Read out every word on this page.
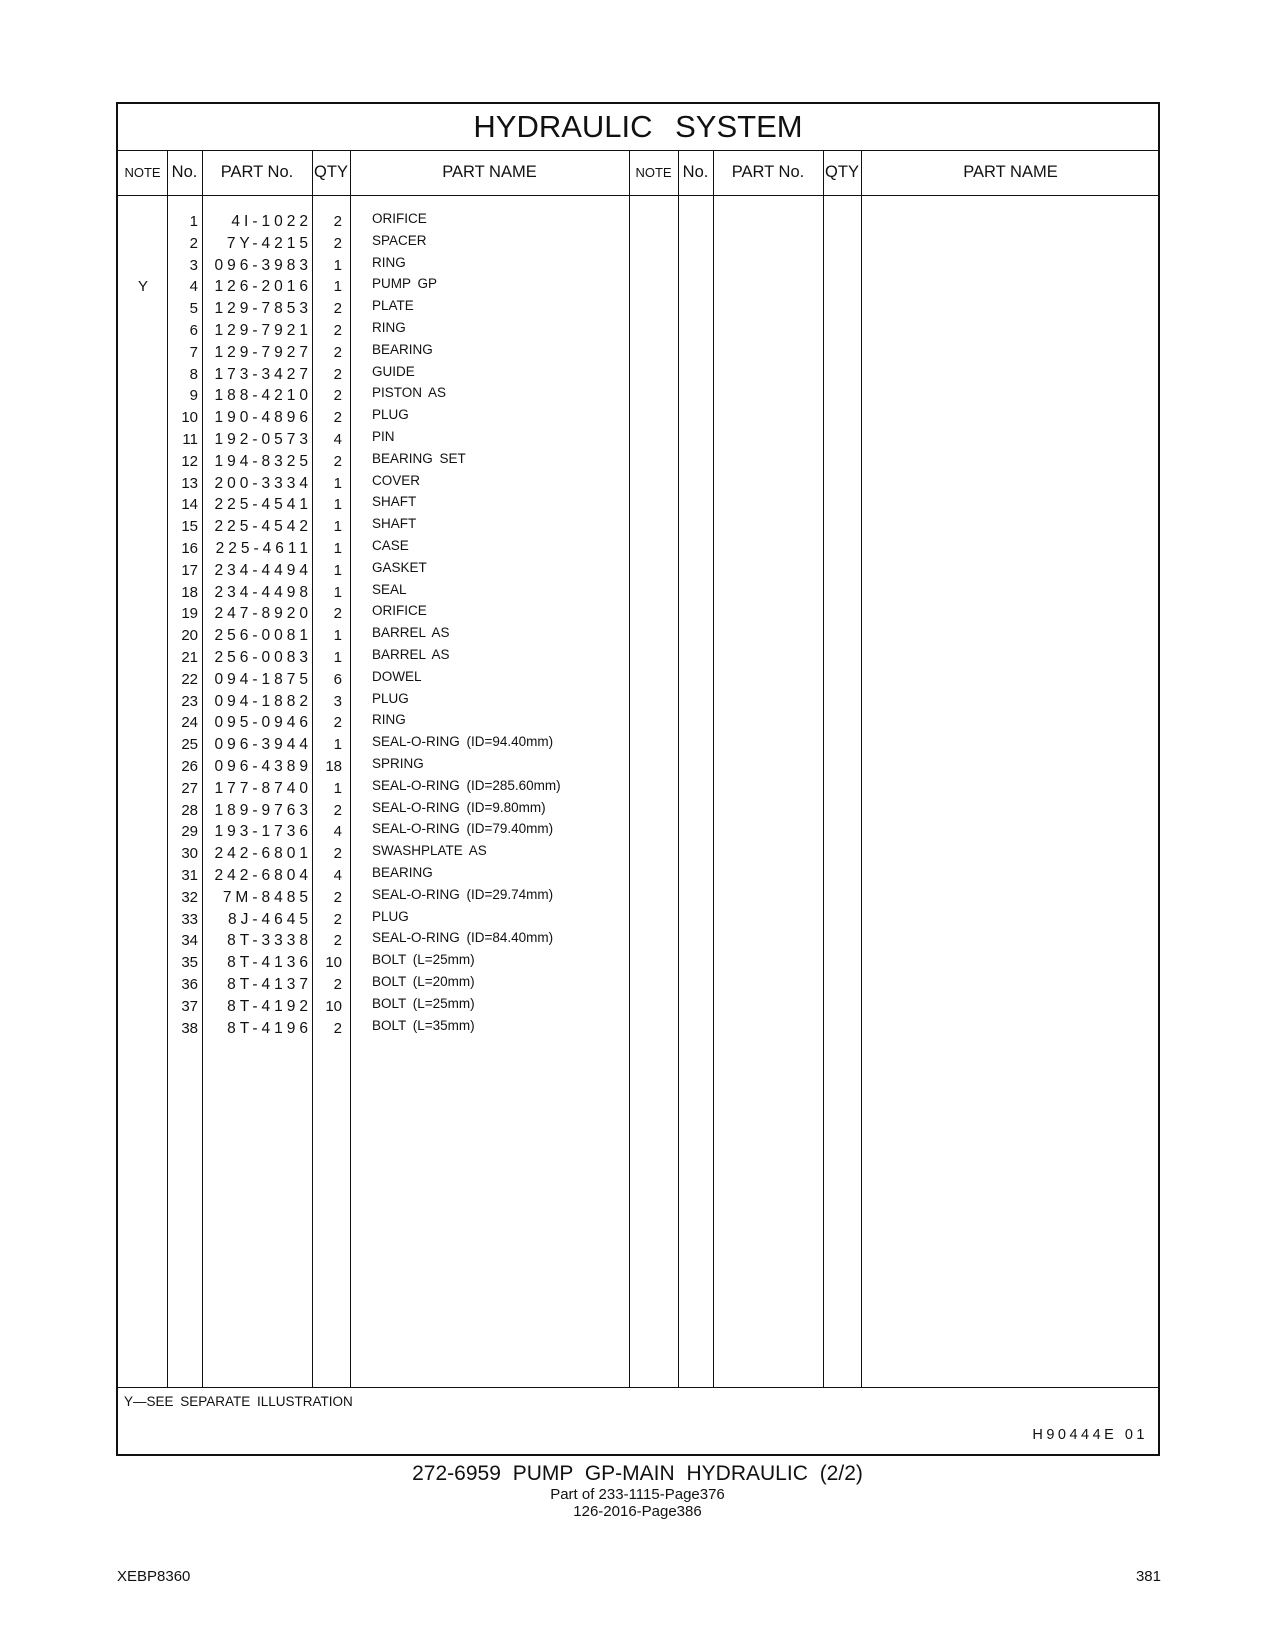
HYDRAULIC SYSTEM
NOTE No.	PART No.	QTY	PART NAME	NOTE No.	PART No.	QTY	PART NAME
1	4I-1022	2 ORIFICE
2	7Y-4215	2 SPACER
3	096-3983	1 RING
Y	4	126-2016	1 PUMP GP
5	129-7853	2 PLATE
6	129-7921	2 RING
7	129-7927	2 BEARING
8	173-3427	2 GUIDE
9	188-4210	2 PISTON AS
10	190-4896	2 PLUG
11	192-0573	4 PIN
12	194-8325	2 BEARING SET
13	200-3334	1 COVER
14	225-4541	1 SHAFT
15	225-4542	1 SHAFT
16	225-4611	1 CASE
17	234-4494	1 GASKET
18	234-4498	1 SEAL
19	247-8920	2 ORIFICE
20	256-0081	1 BARREL AS
21	256-0083	1 BARREL AS
22	094-1875	6 DOWEL
23	094-1882	3 PLUG
24	095-0946	2 RING
25	096-3944	1 SEAL-O-RING (ID=94.40mm)
26	096-4389 18 SPRING
27	177-8740	1 SEAL-O-RING (ID=285.60mm)
28	189-9763	2 SEAL-O-RING (ID=9.80mm)
29	193-1736	4 SEAL-O-RING (ID=79.40mm)
30	242-6801	2 SWASHPLATE AS
31	242-6804	4 BEARING
32	7M-8485	2 SEAL-O-RING (ID=29.74mm)
33	8J-4645	2 PLUG
34	8T-3338	2 SEAL-O-RING (ID=84.40mm)
35	8T-4136 10 BOLT (L=25mm)
36	8T-4137	2 BOLT (L=20mm)
37	8T-4192 10 BOLT (L=25mm)
38	8T-4196	2 BOLT (L=35mm)
Y—SEE SEPARATE ILLUSTRATION
H90444E 01
272-6959 PUMP GP-MAIN HYDRAULIC (2/2)
Part of 233-1115-Page376
126-2016-Page386
XEBP8360	381
